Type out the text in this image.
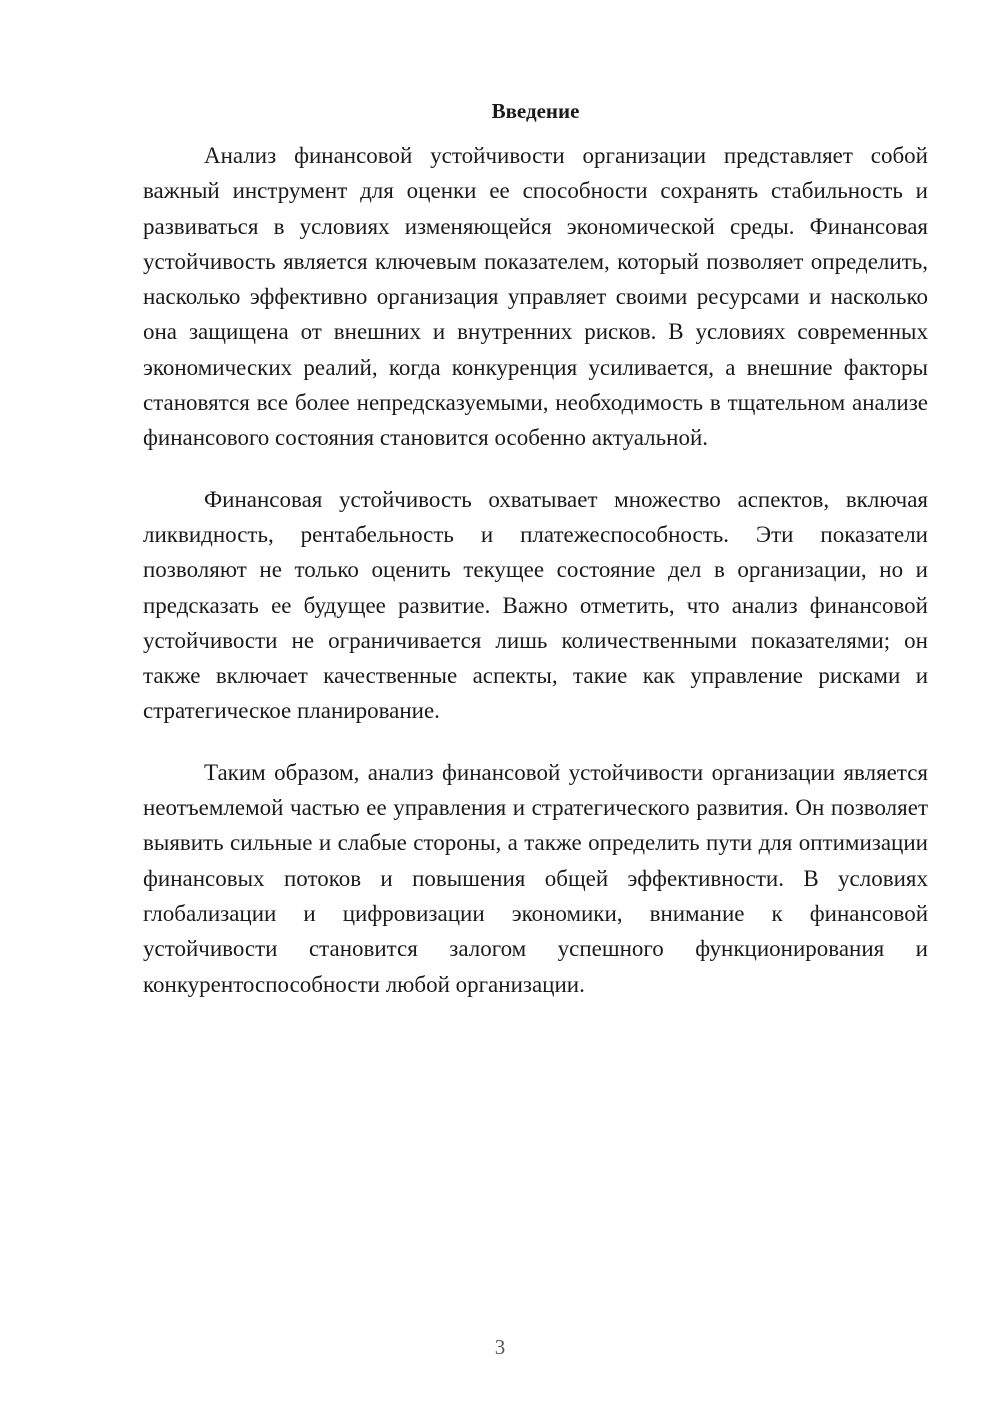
Введение

Анализ финансовой устойчивости организации представляет собой важный инструмент для оценки ее способности сохранять стабильность и развиваться в условиях изменяющейся экономической среды. Финансовая устойчивость является ключевым показателем, который позволяет определить, насколько эффективно организация управляет своими ресурсами и насколько она защищена от внешних и внутренних рисков. В условиях современных экономических реалий, когда конкуренция усиливается, а внешние факторы становятся все более непредсказуемыми, необходимость в тщательном анализе финансового состояния становится особенно актуальной.

Финансовая устойчивость охватывает множество аспектов, включая ликвидность, рентабельность и платежеспособность. Эти показатели позволяют не только оценить текущее состояние дел в организации, но и предсказать ее будущее развитие. Важно отметить, что анализ финансовой устойчивости не ограничивается лишь количественными показателями; он также включает качественные аспекты, такие как управление рисками и стратегическое планирование.

Таким образом, анализ финансовой устойчивости организации является неотъемлемой частью ее управления и стратегического развития. Он позволяет выявить сильные и слабые стороны, а также определить пути для оптимизации финансовых потоков и повышения общей эффективности. В условиях глобализации и цифровизации экономики, внимание к финансовой устойчивости становится залогом успешного функционирования и конкурентоспособности любой организации.

3
